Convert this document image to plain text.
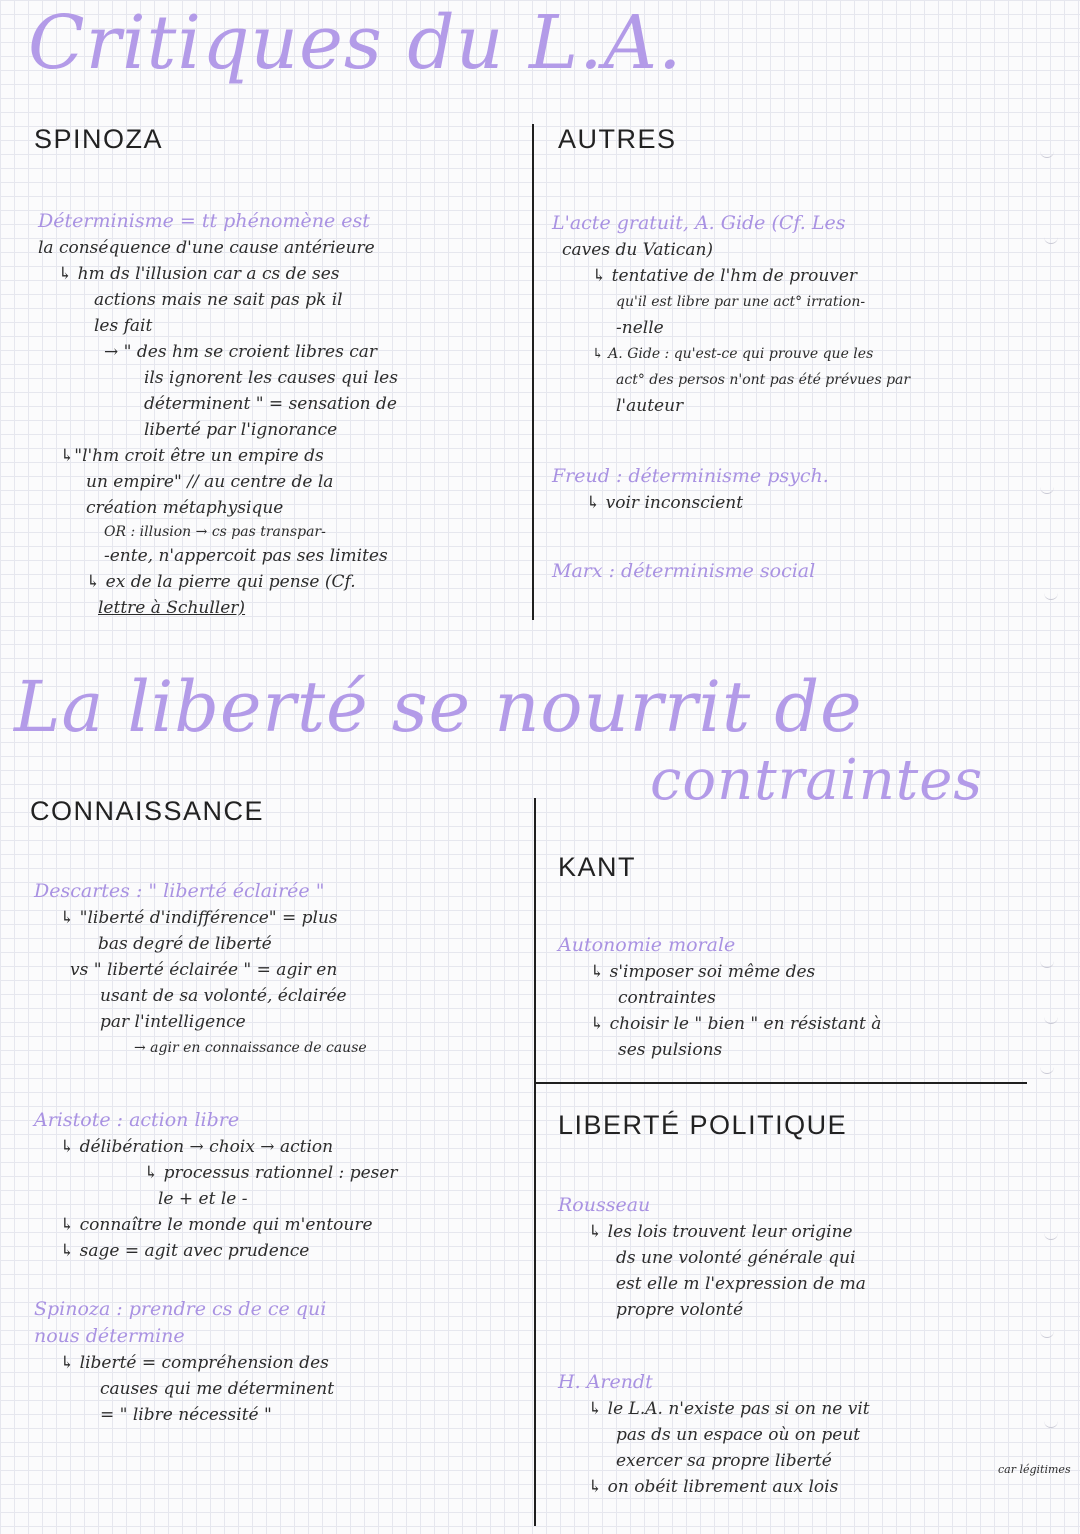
Critiques du L.A.
La liberté se nourrit de
contraintes
SPINOZA	AUTRES
CONNAISSANCE
KANT
LIBERTÉ POLITIQUE
Déterminisme = tt phénomène est
la conséquence d'une cause antérieure
↳ hm ds l'illusion car a cs de ses
actions mais ne sait pas pk il
les fait
→ " des hm se croient libres car
ils ignorent les causes qui les
déterminent " = sensation de
liberté par l'ignorance
↳"l'hm croit être un empire ds
un empire" // au centre de la
création métaphysique
OR : illusion → cs pas transpar-
-ente, n'appercoit pas ses limites
↳ ex de la pierre qui pense (Cf.
lettre à Schuller)
L'acte gratuit, A. Gide (Cf. Les
caves du Vatican)
↳ tentative de l'hm de prouver
qu'il est libre par une act° irration-
-nelle
↳ A. Gide : qu'est-ce qui prouve que les
act° des persos n'ont pas été prévues par
l'auteur
Freud : déterminisme psych.
↳ voir inconscient
Marx : déterminisme social
Descartes : " liberté éclairée "
↳ "liberté d'indifférence" = plus
bas degré de liberté
vs " liberté éclairée " = agir en
usant de sa volonté, éclairée
par l'intelligence
→ agir en connaissance de cause
Aristote : action libre
↳ délibération → choix → action
↳ processus rationnel : peser
le + et le -
↳ connaître le monde qui m'entoure
↳ sage = agit avec prudence
Spinoza : prendre cs de ce qui
nous détermine
↳ liberté = compréhension des
causes qui me déterminent
= " libre nécessité "
Autonomie morale
↳ s'imposer soi même des
contraintes
↳ choisir le " bien " en résistant à
ses pulsions
Rousseau
↳ les lois trouvent leur origine
ds une volonté générale qui
est elle m l'expression de ma
propre volonté
H. Arendt
↳ le L.A. n'existe pas si on ne vit
pas ds un espace où on peut
exercer sa propre liberté
↳ on obéit librement aux lois
car légitimes
